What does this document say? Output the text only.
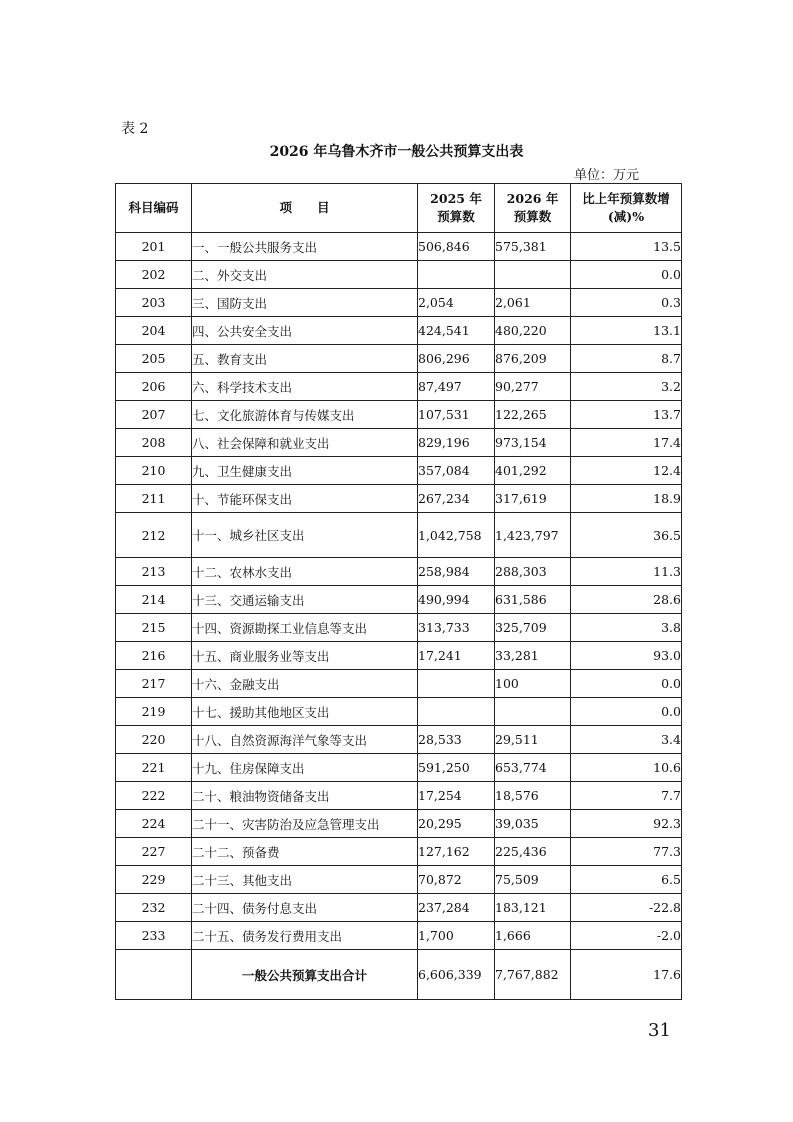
表 2
2026 年乌鲁木齐市一般公共预算支出表
单位：万元
科目编码	项　　目	2025 年预算数	2026 年预算数	比上年预算数增(减)%
201	一、一般公共服务支出	506,846	575,381	13.5
202	二、外交支出			0.0
203	三、国防支出	2,054	2,061	0.3
204	四、公共安全支出	424,541	480,220	13.1
205	五、教育支出	806,296	876,209	8.7
206	六、科学技术支出	87,497	90,277	3.2
207	七、文化旅游体育与传媒支出	107,531	122,265	13.7
208	八、社会保障和就业支出	829,196	973,154	17.4
210	九、卫生健康支出	357,084	401,292	12.4
211	十、节能环保支出	267,234	317,619	18.9
212	十一、城乡社区支出	1,042,758	1,423,797	36.5
213	十二、农林水支出	258,984	288,303	11.3
214	十三、交通运输支出	490,994	631,586	28.6
215	十四、资源勘探工业信息等支出	313,733	325,709	3.8
216	十五、商业服务业等支出	17,241	33,281	93.0
217	十六、金融支出		100	0.0
219	十七、援助其他地区支出			0.0
220	十八、自然资源海洋气象等支出	28,533	29,511	3.4
221	十九、住房保障支出	591,250	653,774	10.6
222	二十、粮油物资储备支出	17,254	18,576	7.7
224	二十一、灾害防治及应急管理支出	20,295	39,035	92.3
227	二十二、预备费	127,162	225,436	77.3
229	二十三、其他支出	70,872	75,509	6.5
232	二十四、债务付息支出	237,284	183,121	-22.8
233	二十五、债务发行费用支出	1,700	1,666	-2.0
	一般公共预算支出合计	6,606,339	7,767,882	17.6
31
